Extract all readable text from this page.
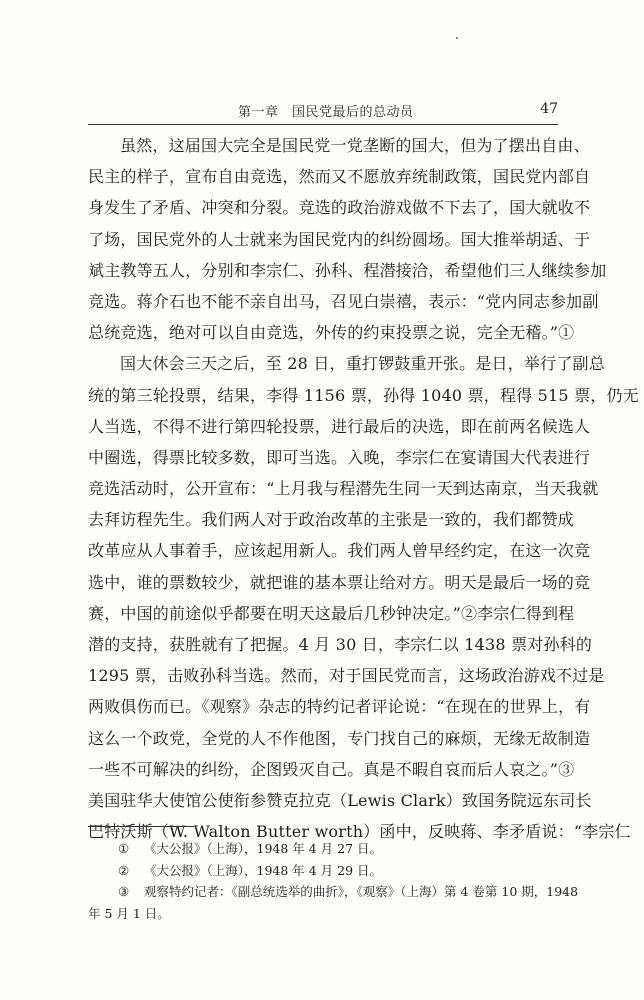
第一章　国民党最后的总动员	47
虽然，这届国大完全是国民党一党垄断的国大，但为了摆出自由、
民主的样子，宣布自由竞选，然而又不愿放弃统制政策，国民党内部自
身发生了矛盾、冲突和分裂。竞选的政治游戏做不下去了，国大就收不
了场，国民党外的人士就来为国民党内的纠纷圆场。国大推举胡适、于
斌主教等五人，分别和李宗仁、孙科、程潜接洽，希望他们三人继续参加
竞选。蒋介石也不能不亲自出马，召见白崇禧，表示：“党内同志参加副
总统竞选，绝对可以自由竞选，外传的约束投票之说，完全无稽。”①
国大休会三天之后，至 28 日，重打锣鼓重开张。是日，举行了副总
统的第三轮投票，结果，李得 1156 票，孙得 1040 票，程得 515 票，仍无
人当选，不得不进行第四轮投票，进行最后的决选，即在前两名候选人
中圈选，得票比较多数，即可当选。入晚，李宗仁在宴请国大代表进行
竞选活动时，公开宣布：“上月我与程潜先生同一天到达南京，当天我就
去拜访程先生。我们两人对于政治改革的主张是一致的，我们都赞成
改革应从人事着手，应该起用新人。我们两人曾早经约定，在这一次竞
选中，谁的票数较少，就把谁的基本票让给对方。明天是最后一场的竞
赛，中国的前途似乎都要在明天这最后几秒钟决定。”②李宗仁得到程
潜的支持，获胜就有了把握。4 月 30 日，李宗仁以 1438 票对孙科的
1295 票，击败孙科当选。然而，对于国民党而言，这场政治游戏不过是
两败俱伤而已。《观察》杂志的特约记者评论说：“在现在的世界上，有
这么一个政党，全党的人不作他图，专门找自己的麻烦，无缘无故制造
一些不可解决的纠纷，企图毁灭自己。真是不暇自哀而后人哀之。”③
美国驻华大使馆公使衔参赞克拉克（Lewis Clark）致国务院远东司长
巴特沃斯（W. Walton Butter worth）函中，反映蒋、李矛盾说：“李宗仁
① 《大公报》（上海），1948 年 4 月 27 日。
② 《大公报》（上海），1948 年 4 月 29 日。
③ 观察特约记者：《副总统选举的曲折》，《观察》（上海）第 4 卷第 10 期，1948
年 5 月 1 日。
